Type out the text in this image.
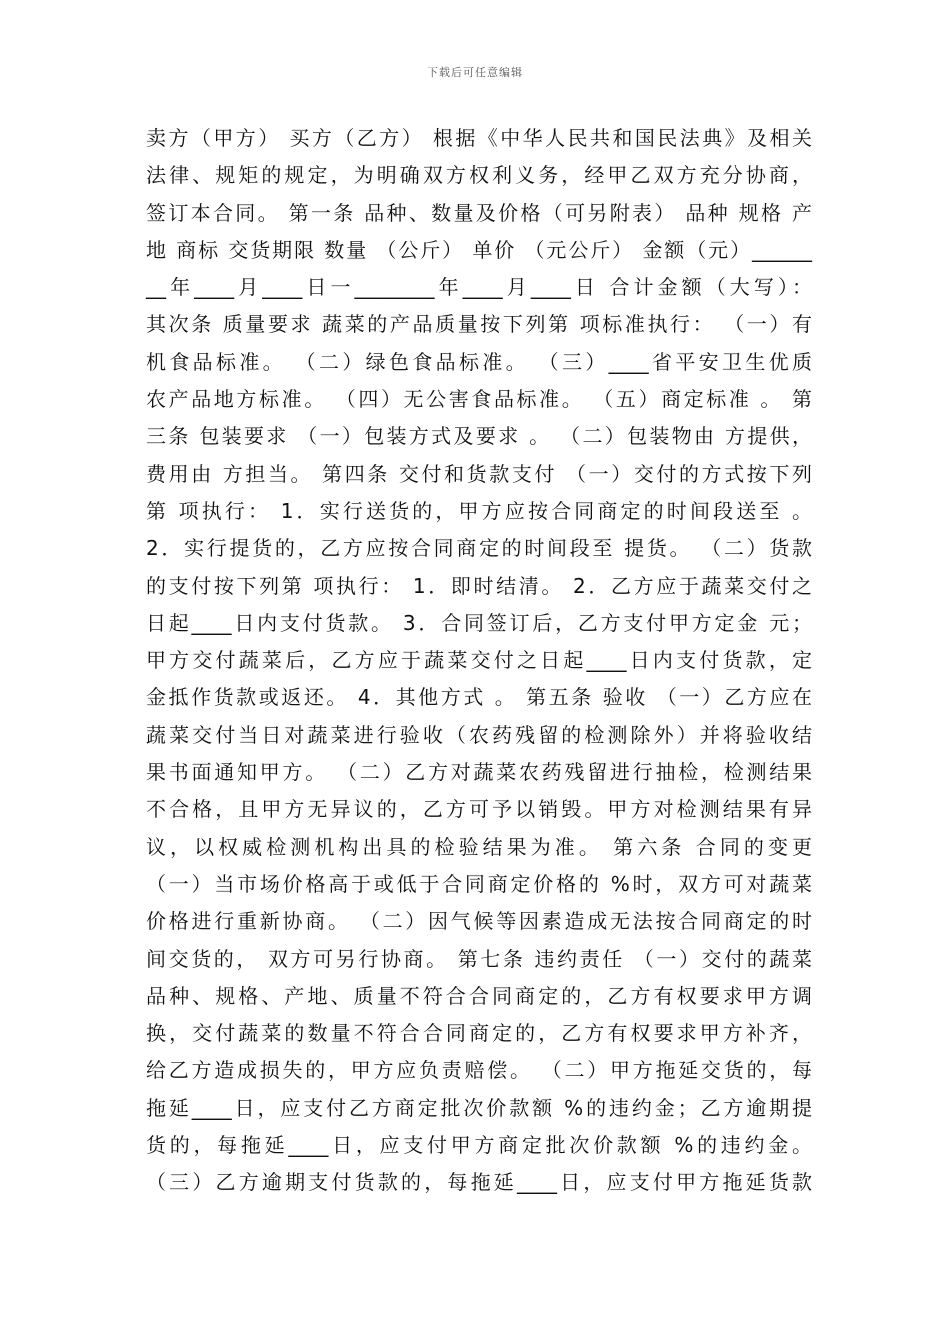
下载后可任意编辑
卖方（甲方） 买方（乙方） 根据《中华人民共和国民法典》及相关
法律、规矩的规定，为明确双方权利义务，经甲乙双方充分协商，
签订本合同。 第一条 品种、数量及价格（可另附表） 品种 规格 产
地 商标 交货期限 数量 （公斤） 单价 （元公斤） 金额（元）______
__年____月____日一________年____月____日 合计金额（大写）：
其次条 质量要求 蔬菜的产品质量按下列第 项标准执行： （一）有
机食品标准。 （二）绿色食品标准。 （三）____省平安卫生优质
农产品地方标准。 （四）无公害食品标准。 （五）商定标准 。 第
三条 包装要求 （一）包装方式及要求 。 （二）包装物由 方提供，
费用由 方担当。 第四条 交付和货款支付 （一）交付的方式按下列
第 项执行： 1．实行送货的，甲方应按合同商定的时间段送至 。
2．实行提货的，乙方应按合同商定的时间段至 提货。 （二）货款
的支付按下列第 项执行： 1．即时结清。 2．乙方应于蔬菜交付之
日起____日内支付货款。 3．合同签订后，乙方支付甲方定金 元；
甲方交付蔬菜后，乙方应于蔬菜交付之日起____日内支付货款，定
金抵作货款或返还。 4．其他方式 。 第五条 验收 （一）乙方应在
蔬菜交付当日对蔬菜进行验收（农药残留的检测除外）并将验收结
果书面通知甲方。 （二）乙方对蔬菜农药残留进行抽检，检测结果
不合格，且甲方无异议的，乙方可予以销毁。甲方对检测结果有异
议，以权威检测机构出具的检验结果为准。 第六条 合同的变更
（一）当市场价格高于或低于合同商定价格的 %时，双方可对蔬菜
价格进行重新协商。 （二）因气候等因素造成无法按合同商定的时
间交货的， 双方可另行协商。 第七条 违约责任 （一）交付的蔬菜
品种、规格、产地、质量不符合合同商定的，乙方有权要求甲方调
换，交付蔬菜的数量不符合合同商定的，乙方有权要求甲方补齐，
给乙方造成损失的，甲方应负责赔偿。 （二）甲方拖延交货的，每
拖延____日，应支付乙方商定批次价款额 %的违约金；乙方逾期提
货的，每拖延____日，应支付甲方商定批次价款额 %的违约金。
（三）乙方逾期支付货款的，每拖延____日，应支付甲方拖延货款
